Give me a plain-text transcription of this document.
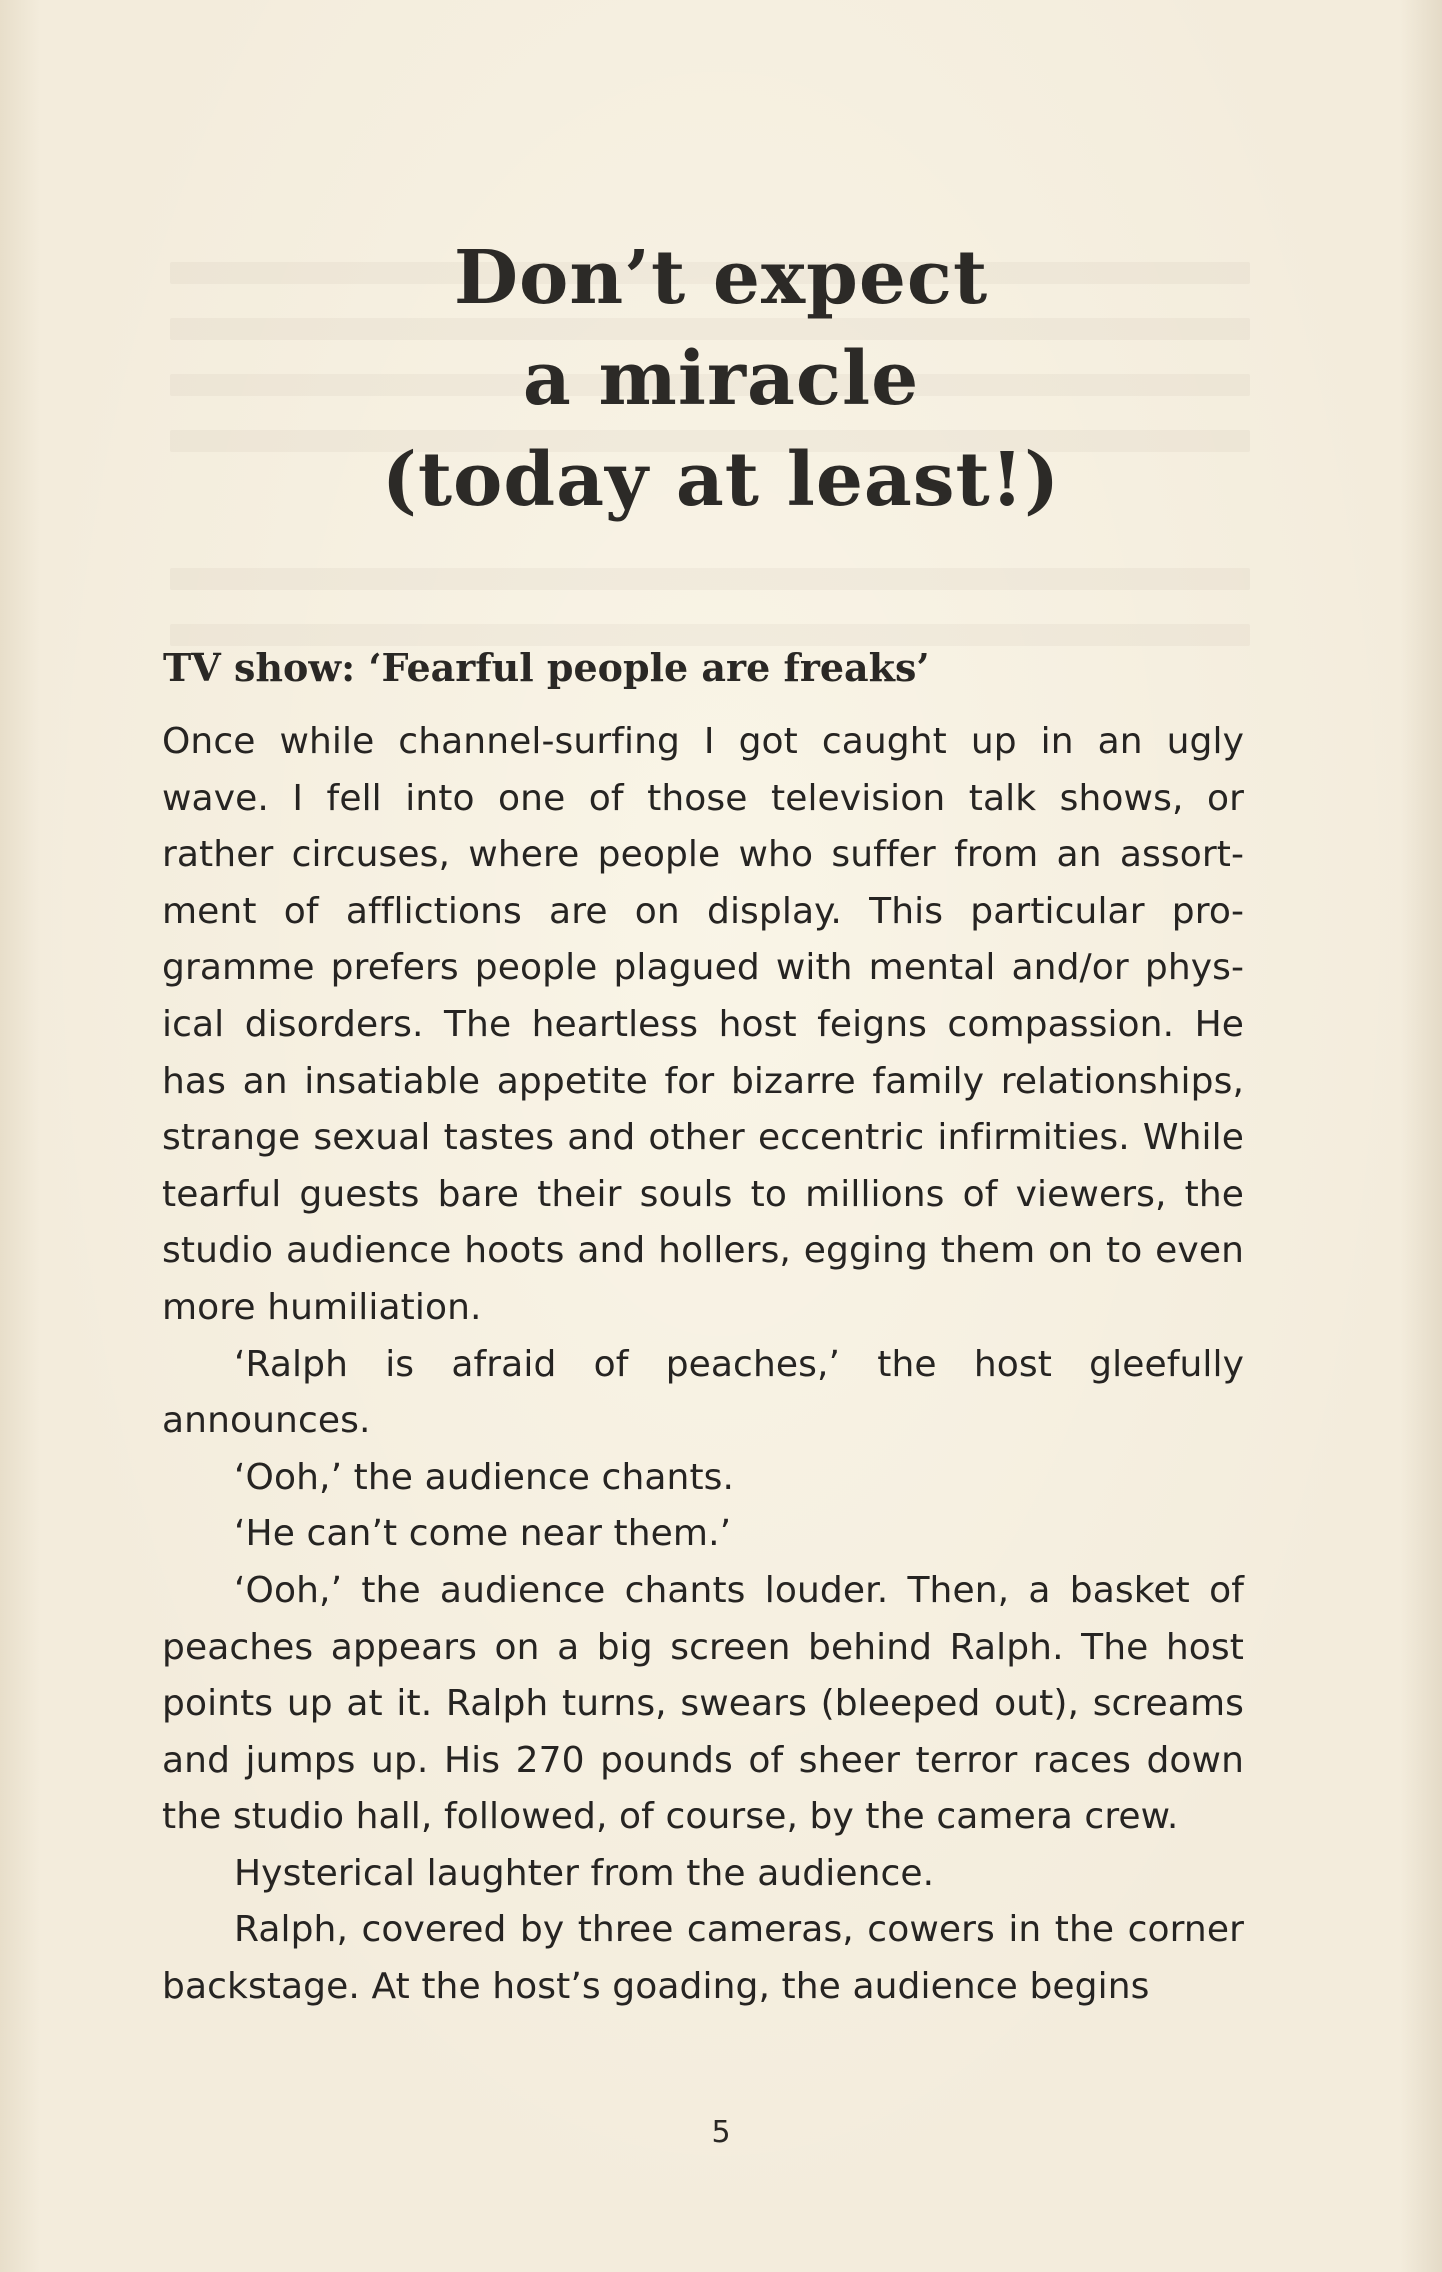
Don’t expect
a miracle
(today at least!)
TV show: ‘Fearful people are freaks’

Once while channel-surfing I got caught up in an ugly wave. I fell into one of those television talk shows, or rather circuses, where people who suffer from an assortment of afflictions are on display. This particular programme prefers people plagued with mental and/or physical disorders. The heartless host feigns compassion. He has an insatiable appetite for bizarre family relationships, strange sexual tastes and other eccentric infirmities. While tearful guests bare their souls to millions of viewers, the studio audience hoots and hollers, egging them on to even more humiliation.

‘Ralph is afraid of peaches,’ the host gleefully announces.

‘Ooh,’ the audience chants.

‘He can’t come near them.’

‘Ooh,’ the audience chants louder. Then, a basket of peaches appears on a big screen behind Ralph. The host points up at it. Ralph turns, swears (bleeped out), screams and jumps up. His 270 pounds of sheer terror races down the studio hall, followed, of course, by the camera crew.

Hysterical laughter from the audience.

Ralph, covered by three cameras, cowers in the corner backstage. At the host’s goading, the audience begins

5
